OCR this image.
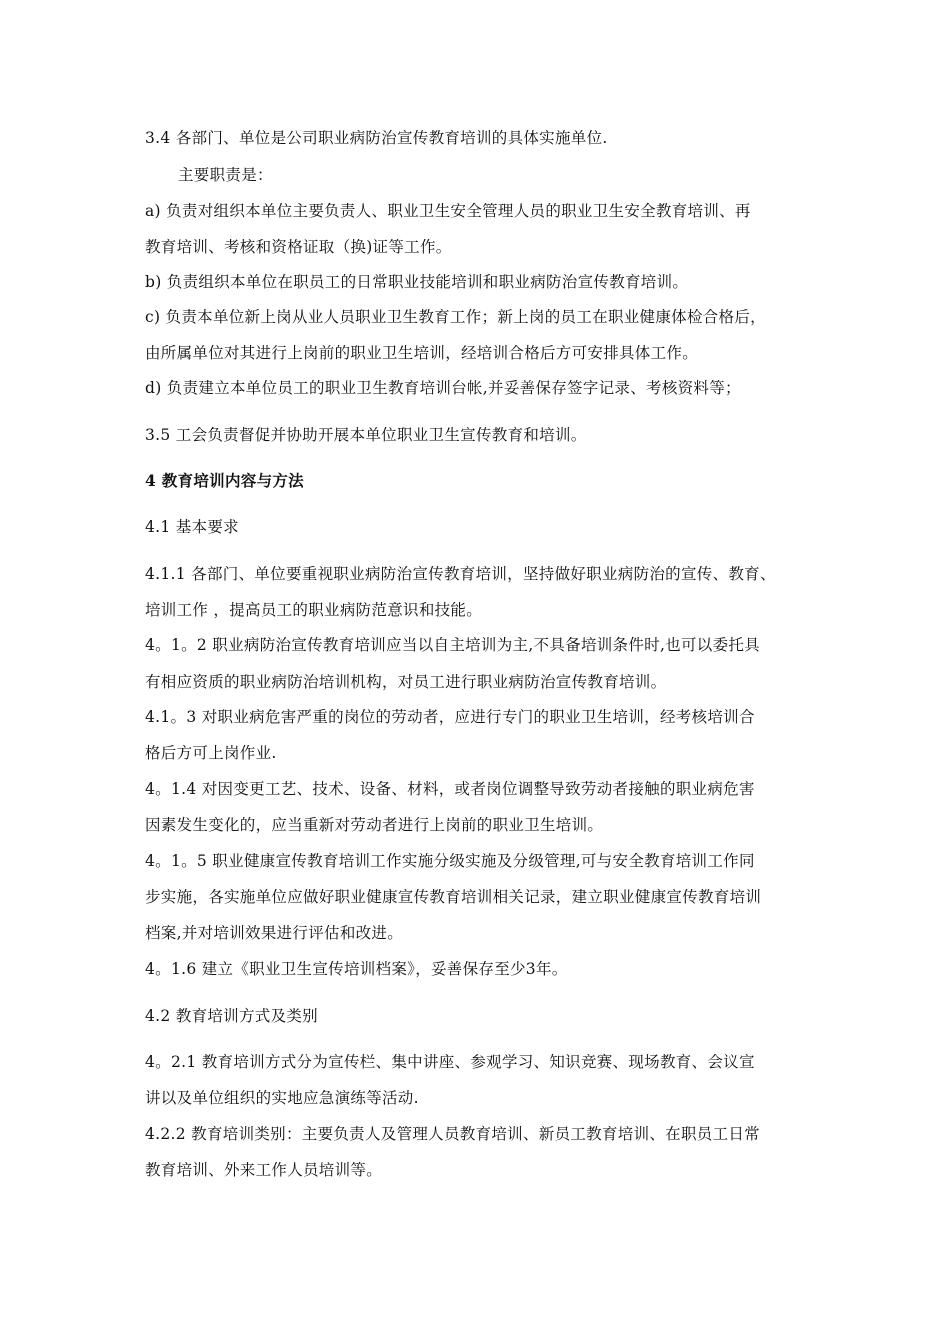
3.4 各部门、单位是公司职业病防治宣传教育培训的具体实施单位.
主要职责是：
a) 负责对组织本单位主要负责人、职业卫生安全管理人员的职业卫生安全教育培训、再
教育培训、考核和资格证取（换)证等工作。
b) 负责组织本单位在职员工的日常职业技能培训和职业病防治宣传教育培训。
c) 负责本单位新上岗从业人员职业卫生教育工作；新上岗的员工在职业健康体检合格后，
由所属单位对其进行上岗前的职业卫生培训，经培训合格后方可安排具体工作。
d) 负责建立本单位员工的职业卫生教育培训台帐,并妥善保存签字记录、考核资料等；
3.5 工会负责督促并协助开展本单位职业卫生宣传教育和培训。
4 教育培训内容与方法
4.1 基本要求
4.1.1 各部门、单位要重视职业病防治宣传教育培训，坚持做好职业病防治的宣传、教育、
培训工作 ，提高员工的职业病防范意识和技能。
4。1。2 职业病防治宣传教育培训应当以自主培训为主,不具备培训条件时,也可以委托具
有相应资质的职业病防治培训机构，对员工进行职业病防治宣传教育培训。
4.1。3 对职业病危害严重的岗位的劳动者，应进行专门的职业卫生培训，经考核培训合
格后方可上岗作业.
4。1.4 对因变更工艺、技术、设备、材料，或者岗位调整导致劳动者接触的职业病危害
因素发生变化的，应当重新对劳动者进行上岗前的职业卫生培训。
4。1。5 职业健康宣传教育培训工作实施分级实施及分级管理,可与安全教育培训工作同
步实施，各实施单位应做好职业健康宣传教育培训相关记录，建立职业健康宣传教育培训
档案,并对培训效果进行评估和改进。
4。1.6 建立《职业卫生宣传培训档案》，妥善保存至少3年。
4.2 教育培训方式及类别
4。2.1 教育培训方式分为宣传栏、集中讲座、参观学习、知识竞赛、现场教育、会议宣
讲以及单位组织的实地应急演练等活动.
4.2.2 教育培训类别：主要负责人及管理人员教育培训、新员工教育培训、在职员工日常
教育培训、外来工作人员培训等。
